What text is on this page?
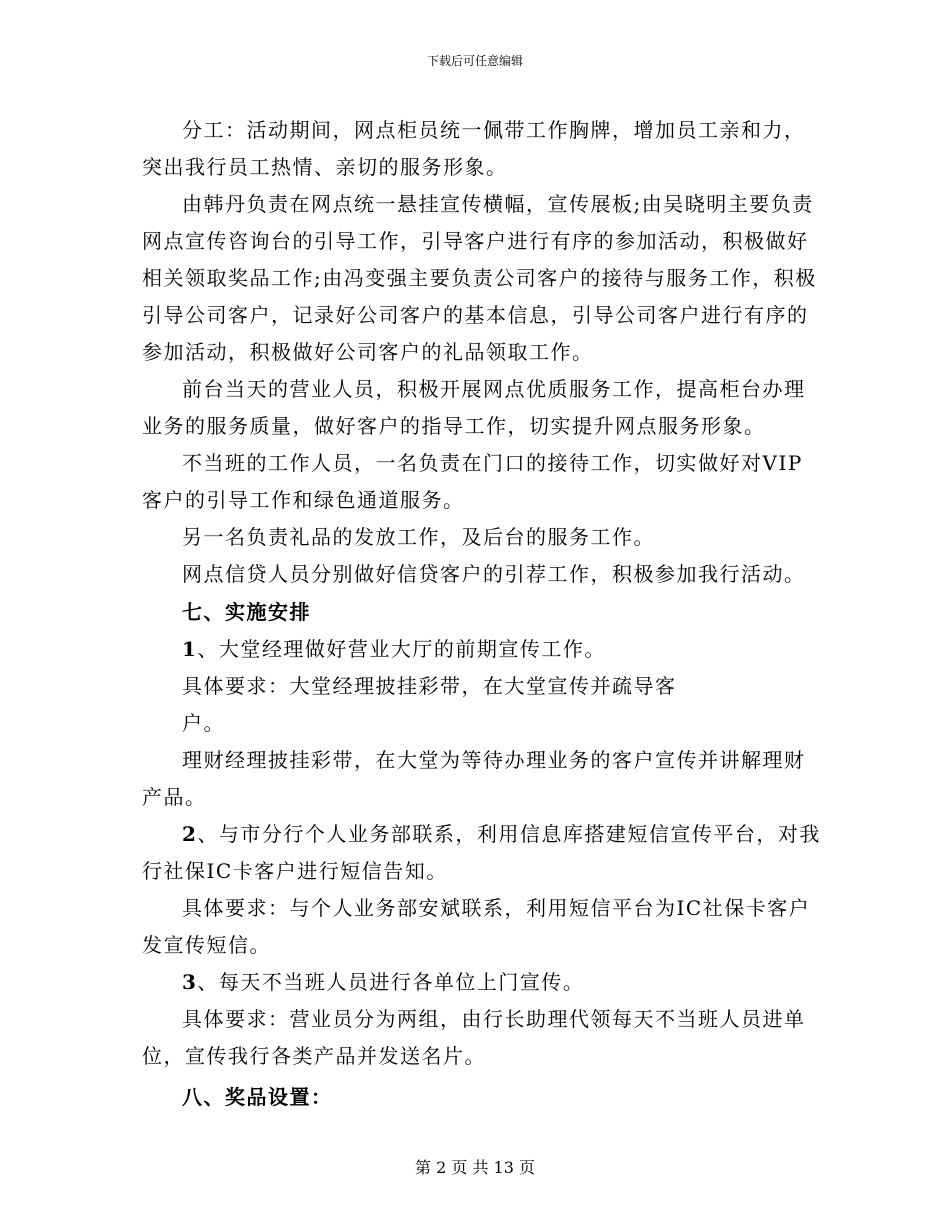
下载后可任意编辑

分工：活动期间，网点柜员统一佩带工作胸牌，增加员工亲和力，突出我行员工热情、亲切的服务形象。

由韩丹负责在网点统一悬挂宣传横幅，宣传展板;由吴晓明主要负责网点宣传咨询台的引导工作，引导客户进行有序的参加活动，积极做好相关领取奖品工作;由冯变强主要负责公司客户的接待与服务工作，积极引导公司客户，记录好公司客户的基本信息，引导公司客户进行有序的参加活动，积极做好公司客户的礼品领取工作。

前台当天的营业人员，积极开展网点优质服务工作，提高柜台办理业务的服务质量，做好客户的指导工作，切实提升网点服务形象。

不当班的工作人员，一名负责在门口的接待工作，切实做好对VIP客户的引导工作和绿色通道服务。

另一名负责礼品的发放工作，及后台的服务工作。

网点信贷人员分别做好信贷客户的引荐工作，积极参加我行活动。

七、实施安排

1、大堂经理做好营业大厅的前期宣传工作。

具体要求：大堂经理披挂彩带，在大堂宣传并疏导客

户。

理财经理披挂彩带，在大堂为等待办理业务的客户宣传并讲解理财产品。

2、与市分行个人业务部联系，利用信息库搭建短信宣传平台，对我行社保IC卡客户进行短信告知。

具体要求：与个人业务部安斌联系，利用短信平台为IC社保卡客户发宣传短信。

3、每天不当班人员进行各单位上门宣传。

具体要求：营业员分为两组，由行长助理代领每天不当班人员进单位，宣传我行各类产品并发送名片。

八、奖品设置：

第 2 页 共 13 页
